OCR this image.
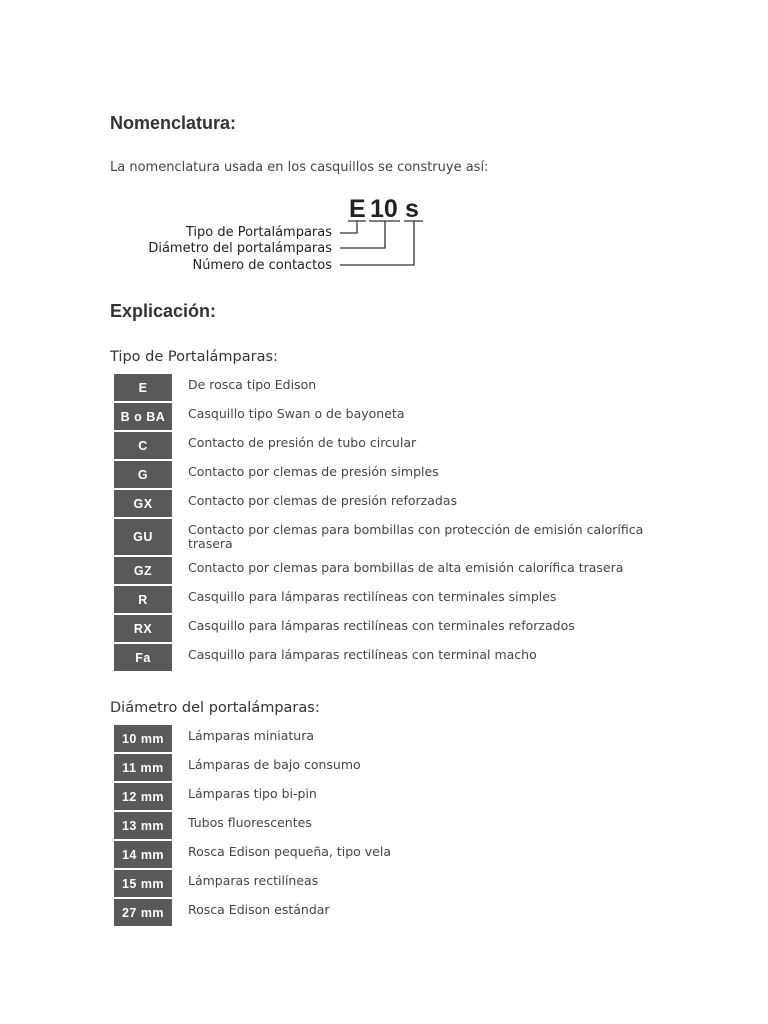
Nomenclatura:

La nomenclatura usada en los casquillos se construye así:

E 10 s
Tipo de Portalámparas
Diámetro del portalámparas
Número de contactos
Explicación:
Tipo de Portalámparas:
E	De rosca tipo Edison
B o BA	Casquillo tipo Swan o de bayoneta
C	Contacto de presión de tubo circular
G	Contacto por clemas de presión simples
GX	Contacto por clemas de presión reforzadas
GU	Contacto por clemas para bombillas con protección de emisión calorífica trasera
GZ	Contacto por clemas para bombillas de alta emisión calorífica trasera
R	Casquillo para lámparas rectilíneas con terminales simples
RX	Casquillo para lámparas rectilíneas con terminales reforzados
Fa	Casquillo para lámparas rectilíneas con terminal macho
Diámetro del portalámparas:
10 mm	Lámparas miniatura
11 mm	Lámparas de bajo consumo
12 mm	Lámparas tipo bi-pin
13 mm	Tubos fluorescentes
14 mm	Rosca Edison pequeña, tipo vela
15 mm	Lámparas rectilíneas
27 mm	Rosca Edison estándar
